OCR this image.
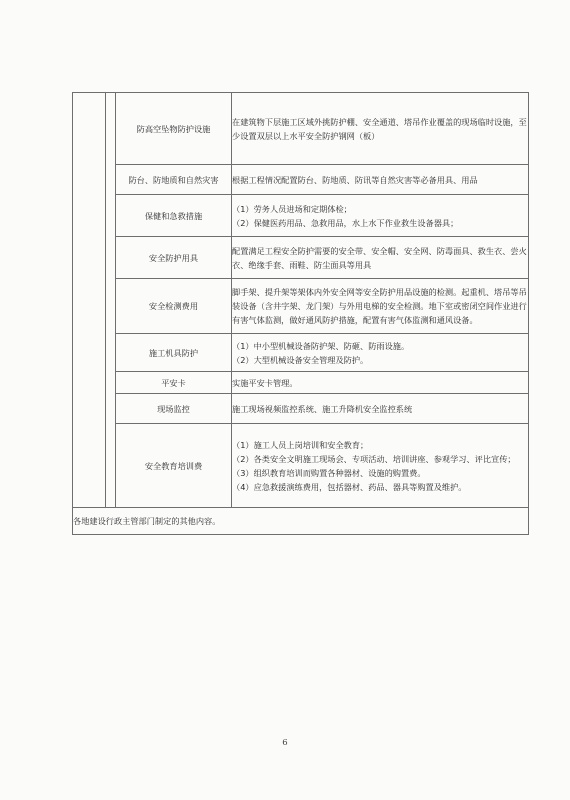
		防高空坠物防护设施	在建筑物下层施工区域外挑防护棚、安全通道、塔吊作业覆盖的现场临时设施，至
少设置双层以上水平安全防护钢网（板）

		防台、防地质和自然灾害	根据工程情况配置防台、防地质、防讯等自然灾害等必备用具、用品

		保健和急救措施	（1）劳务人员进场和定期体检；
（2）保健医药用品、急救用品，水上水下作业救生设备器具；

		安全防护用具	配置满足工程安全防护需要的安全带、安全帽、安全网、防毒面具、救生衣、尝火
衣、绝缘手套、雨鞋、防尘面具等用具

		安全检测费用	脚手架、提升架等架体内外安全网等安全防护用品设施的检测。起重机、塔吊等吊
装设备（含井字架、龙门架）与外用电梯的安全检测。地下室或密闭空间作业进行
有害气体监测，做好通风防护措施，配置有害气体监测和通风设备。

		施工机具防护	（1）中小型机械设备防护架、防砸、防雨设施。
（2）大型机械设备安全管理及防护。

		平安卡	实施平安卡管理。

		现场监控	施工现场视频监控系统、施工升降机安全监控系统

		安全教育培训费	（1）施工人员上岗培训和安全教育；
（2）各类安全文明施工现场会、专项活动、培训讲座、参观学习、评比宣传；
（3）组织教育培训而购置各种器材、设施的购置费。
（4）应急救援演练费用，包括器材、药品、器具等购置及维护。

各地建设行政主管部门制定的其他内容。			
6
